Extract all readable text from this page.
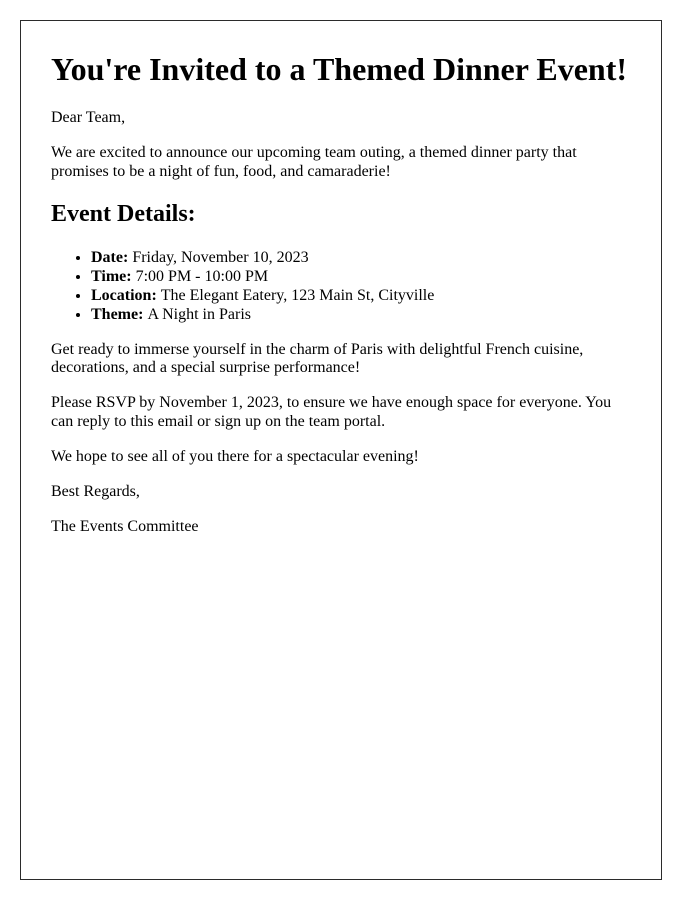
You're Invited to a Themed Dinner Event!

Dear Team,

We are excited to announce our upcoming team outing, a themed dinner party that promises to be a night of fun, food, and camaraderie!

Event Details:
• Date: Friday, November 10, 2023
• Time: 7:00 PM - 10:00 PM
• Location: The Elegant Eatery, 123 Main St, Cityville
• Theme: A Night in Paris

Get ready to immerse yourself in the charm of Paris with delightful French cuisine, decorations, and a special surprise performance!

Please RSVP by November 1, 2023, to ensure we have enough space for everyone. You can reply to this email or sign up on the team portal.

We hope to see all of you there for a spectacular evening!

Best Regards,

The Events Committee
